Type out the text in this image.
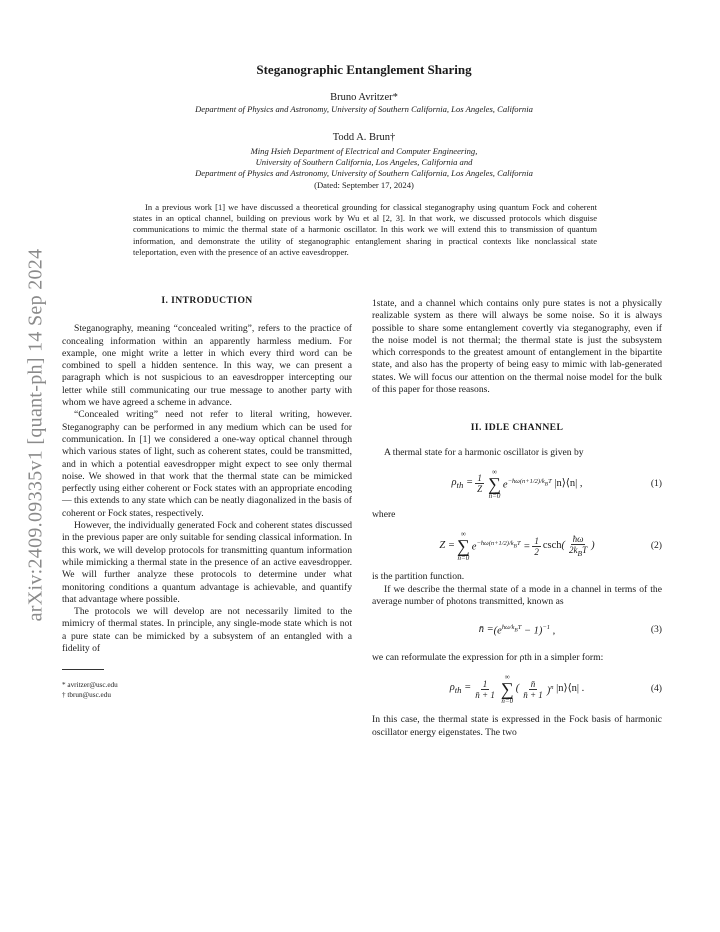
arXiv:2409.09335v1 [quant-ph] 14 Sep 2024
Steganographic Entanglement Sharing
Bruno Avritzer*
Department of Physics and Astronomy, University of Southern California, Los Angeles, California
Todd A. Brun†
Ming Hsieh Department of Electrical and Computer Engineering,
University of Southern California, Los Angeles, California and
Department of Physics and Astronomy, University of Southern California, Los Angeles, California
(Dated: September 17, 2024)
In a previous work [1] we have discussed a theoretical grounding for classical steganography using quantum Fock and coherent states in an optical channel, building on previous work by Wu et al [2, 3]. In that work, we discussed protocols which disguise communications to mimic the thermal state of a harmonic oscillator. In this work we will extend this to transmission of quantum information, and demonstrate the utility of steganographic entanglement sharing in practical contexts like nonclassical state teleportation, even with the presence of an active eavesdropper.

I. INTRODUCTION

Steganography, meaning “concealed writing”, refers to the practice of concealing information within an apparently harmless medium. For example, one might write a letter in which every third word can be combined to spell a hidden sentence. In this way, we can present a paragraph which is not suspicious to an eavesdropper intercepting our letter while still communicating our true message to another party with whom we have agreed a scheme in advance.

“Concealed writing” need not refer to literal writing, however. Steganography can be performed in any medium which can be used for communication. In [1] we considered a one-way optical channel through which various states of light, such as coherent states, could be transmitted, and in which a potential eavesdropper might expect to see only thermal noise. We showed in that work that the thermal state can be mimicked perfectly using either coherent or Fock states with an appropriate encoding — this extends to any state which can be neatly diagonalized in the basis of coherent or Fock states, respectively.

However, the individually generated Fock and coherent states discussed in the previous paper are only suitable for sending classical information. In this work, we will develop protocols for transmitting quantum information while mimicking a thermal state in the presence of an active eavesdropper. We will further analyze these protocols to determine under what monitoring conditions a quantum advantage is achievable, and quantify that advantage where possible.

The protocols we will develop are not necessarily limited to the mimicry of thermal states. In principle, any single-mode state which is not a pure state can be mimicked by a subsystem of an entangled with a fidelity of

* avritzer@usc.edu

† tbrun@usc.edu

1state, and a channel which contains only pure states is not a physically realizable system as there will always be some noise. So it is always possible to share some entanglement covertly via steganography, even if the noise model is not thermal; the thermal state is just the subsystem which corresponds to the greatest amount of entanglement in the bipartite state, and also has the property of being easy to mimic with lab-generated states. We will focus our attention on the thermal noise model for the bulk of this paper for those reasons.

II. IDLE CHANNEL

A thermal state for a harmonic oscillator is given by

$\rho_{th} = \frac{1}{Z}$
∞
∑
n=0
$e^{-ħ\omega(n+1/2)/k_BT}$ |n⟩⟨n| ,	(1)

where

Z =
∞
∑
n=0
$e^{-ħ\omega(n+1/2)/k_BT} = \frac{1}{2}$ csch ( $\frac{ħ\omega}{2k_BT}$ )	(2)

is the partition function.

If we describe the thermal state of a mode in a channel in terms of the average number of photons transmitted, known as

n̄ = $(e^{ħ\omega/k_BT} - 1)^{-1}$ ,	(3)

we can reformulate the expression for ρth in a simpler form:

$\rho_{th} = \frac{1}{n̄ + 1}$
∞
∑
n=0
( $\frac{n̄}{n̄ + 1} )^n$ |n⟩⟨n| .	(4)

In this case, the thermal state is expressed in the Fock basis of harmonic oscillator energy eigenstates. The two
